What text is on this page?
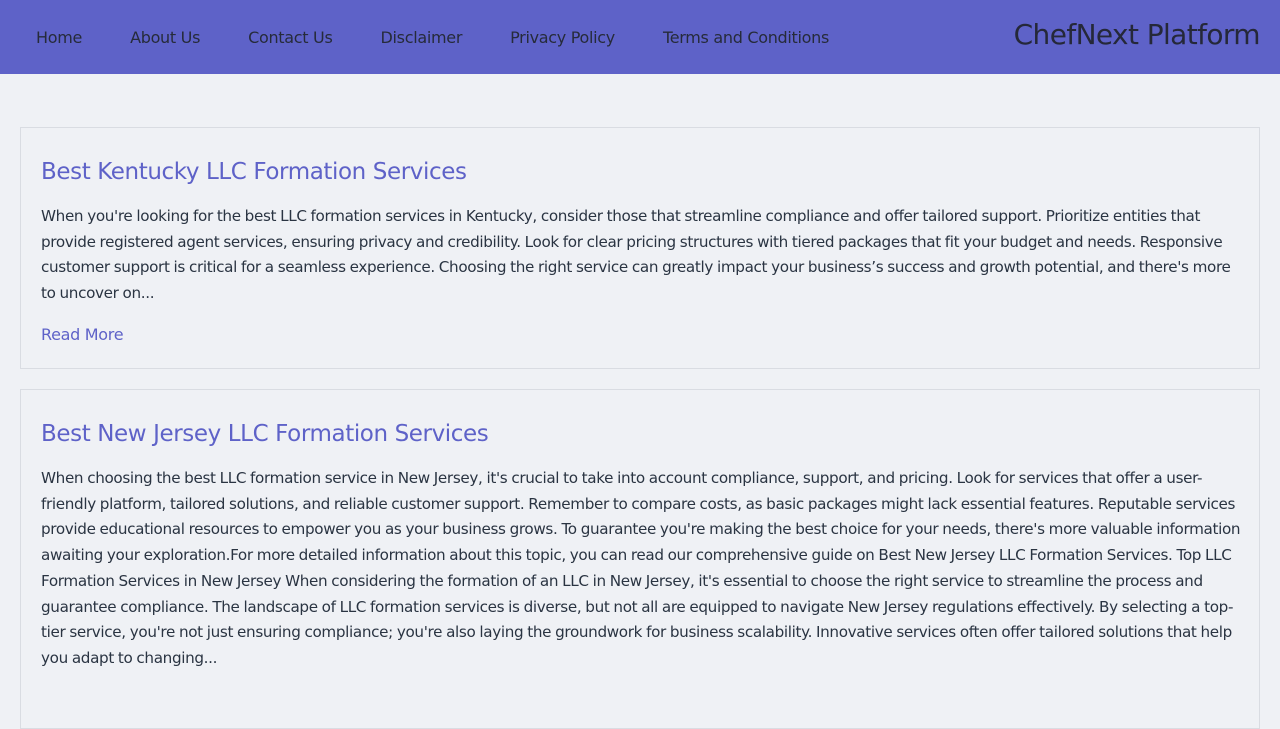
Home	About Us	Contact Us	Disclaimer	Privacy Policy	Terms and Conditions	ChefNext Platform
Best Kentucky LLC Formation Services

When you're looking for the best LLC formation services in Kentucky, consider those that streamline compliance and offer tailored support. Prioritize entities that provide registered agent services, ensuring privacy and credibility. Look for clear pricing structures with tiered packages that fit your budget and needs. Responsive customer support is critical for a seamless experience. Choosing the right service can greatly impact your business’s success and growth potential, and there's more to uncover on...

Read More
Best New Jersey LLC Formation Services

When choosing the best LLC formation service in New Jersey, it's crucial to take into account compliance, support, and pricing. Look for services that offer a user-friendly platform, tailored solutions, and reliable customer support. Remember to compare costs, as basic packages might lack essential features. Reputable services provide educational resources to empower you as your business grows. To guarantee you're making the best choice for your needs, there's more valuable information awaiting your exploration.For more detailed information about this topic, you can read our comprehensive guide on Best New Jersey LLC Formation Services. Top LLC Formation Services in New Jersey When considering the formation of an LLC in New Jersey, it's essential to choose the right service to streamline the process and guarantee compliance. The landscape of LLC formation services is diverse, but not all are equipped to navigate New Jersey regulations effectively. By selecting a top-tier service, you're not just ensuring compliance; you're also laying the groundwork for business scalability. Innovative services often offer tailored solutions that help you adapt to changing...
